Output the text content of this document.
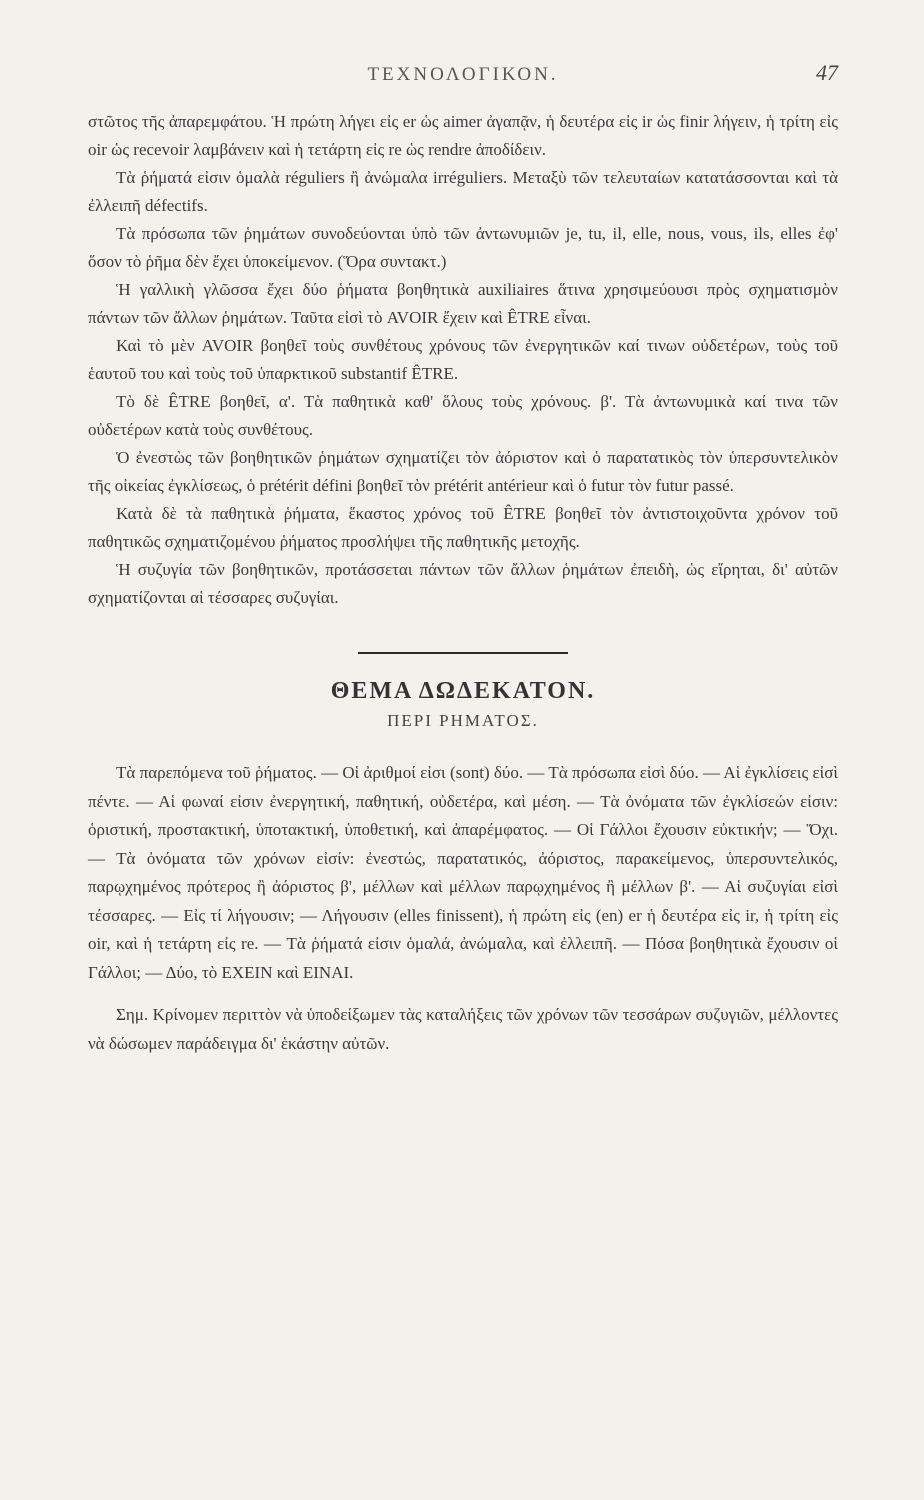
ΤΕΧΝΟΛΟΓΙΚΟΝ.	47

στῶτος τῆς ἀπαρεμφάτου. Ἡ πρώτη λήγει εἰς er ὡς aimer ἀγαπᾷν, ἡ δευτέρα εἰς ir ὡς finir λήγειν, ἡ τρίτη εἰς oir ὡς recevoir λαμβάνειν καὶ ἡ τετάρτη εἰς re ὡς rendre ἀποδίδειν.

Τὰ ῥήματά εἰσιν ὁμαλὰ réguliers ἢ ἀνώμαλα irréguliers. Μεταξὺ τῶν τελευταίων κατατάσσονται καὶ τὰ ἐλλειπῆ défectifs.

Τὰ πρόσωπα τῶν ῥημάτων συνοδεύονται ὑπὸ τῶν ἀντωνυμιῶν je, tu, il, elle, nous, vous, ils, elles ἐφ' ὅσον τὸ ῥῆμα δὲν ἔχει ὑποκείμενον. (Ὅρα συντακτ.)

Ἡ γαλλικὴ γλῶσσα ἔχει δύο ῥήματα βοηθητικὰ auxiliaires ἅτινα χρησιμεύουσι πρὸς σχηματισμὸν πάντων τῶν ἄλλων ῥημάτων. Ταῦτα εἰσὶ τὸ AVOIR ἔχειν καὶ ÊTRE εἶναι.

Καὶ τὸ μὲν AVOIR βοηθεῖ τοὺς συνθέτους χρόνους τῶν ἐνεργητικῶν καί τινων οὐδετέρων, τοὺς τοῦ ἑαυτοῦ του καὶ τοὺς τοῦ ὑπαρκτικοῦ substantif ÊTRE.

Τὸ δὲ ÊTRE βοηθεῖ, α'. Τὰ παθητικὰ καθ' ὅλους τοὺς χρόνους. β'. Τὰ ἀντωνυμικὰ καί τινα τῶν οὐδετέρων κατὰ τοὺς συνθέτους.

Ὁ ἐνεστὼς τῶν βοηθητικῶν ῥημάτων σχηματίζει τὸν ἀόριστον καὶ ὁ παρατατικὸς τὸν ὑπερσυντελικὸν τῆς οἰκείας ἐγκλίσεως, ὁ prétérit défini βοηθεῖ τὸν prétérit antérieur καὶ ὁ futur τὸν futur passé.

Κατὰ δὲ τὰ παθητικὰ ῥήματα, ἕκαστος χρόνος τοῦ ÊTRE βοηθεῖ τὸν ἀντιστοιχοῦντα χρόνον τοῦ παθητικῶς σχηματιζομένου ῥήματος προσλήψει τῆς παθητικῆς μετοχῆς.

Ἡ συζυγία τῶν βοηθητικῶν, προτάσσεται πάντων τῶν ἄλλων ῥημάτων ἐπειδὴ, ὡς εἴρηται, δι' αὐτῶν σχηματίζονται αἱ τέσσαρες συζυγίαι.

ΘΕΜΑ ΔΩΔΕΚΑΤΟΝ.
ΠΕΡΙ ΡΗΜΑΤΟΣ.

Τὰ παρεπόμενα τοῦ ῥήματος. — Οἱ ἀριθμοί εἰσι (sont) δύο. — Τὰ πρόσωπα εἰσὶ δύο. — Αἱ ἐγκλίσεις εἰσὶ πέντε. — Αἱ φωναί εἰσιν ἐνεργητική, παθητική, οὐδετέρα, καὶ μέση. — Τὰ ὀνόματα τῶν ἐγκλίσεών εἰσιν: ὁριστική, προστακτική, ὑποτακτική, ὑποθετική, καὶ ἀπαρέμφατος. — Οἱ Γάλλοι ἔχουσιν εὐκτικήν; — Ὄχι. — Τὰ ὀνόματα τῶν χρόνων εἰσίν: ἐνεστώς, παρατατικός, ἀόριστος, παρακείμενος, ὑπερσυντελικός, παρῳχημένος πρότερος ἢ ἀόριστος β', μέλλων καὶ μέλλων παρῳχημένος ἢ μέλλων β'. — Αἱ συζυγίαι εἰσὶ τέσσαρες. — Εἰς τί λήγουσιν; — Λήγουσιν (elles finissent), ἡ πρώτη εἰς (en) er ἡ δευτέρα εἰς ir, ἡ τρίτη εἰς oir, καὶ ἡ τετάρτη εἰς re. — Τὰ ῥήματά εἰσιν ὁμαλά, ἀνώμαλα, καὶ ἐλλειπῆ. — Πόσα βοηθητικὰ ἔχουσιν οἱ Γάλλοι; — Δύο, τὸ ΕΧΕΙΝ καὶ ΕΙΝΑΙ.

Σημ. Κρίνομεν περιττὸν νὰ ὑποδείξωμεν τὰς καταλήξεις τῶν χρόνων τῶν τεσσάρων συζυγιῶν, μέλλοντες νὰ δώσωμεν παράδειγμα δι' ἑκάστην αὐτῶν.
